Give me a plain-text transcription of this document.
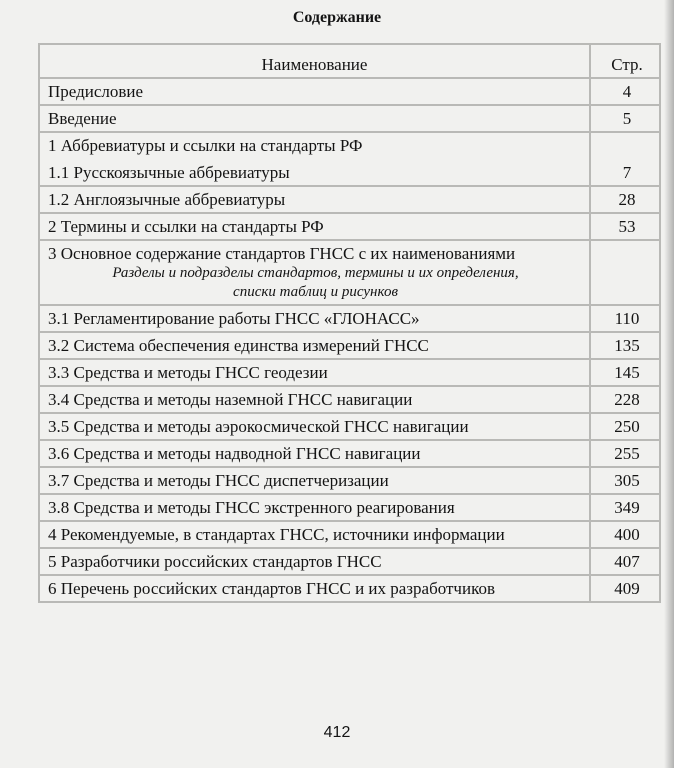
Содержание
Наименование	Стр.
Предисловие	4
Введение	5
1 Аббревиатуры и ссылки на стандарты РФ	
1.1 Русскоязычные аббревиатуры	7
1.2 Англоязычные аббревиатуры	28
2 Термины и ссылки на стандарты РФ	53
3 Основное содержание стандартов ГНСС с их наименованиями
Разделы и подразделы стандартов, термины и их определения,
списки таблиц и рисунков	

3.1 Регламентирование работы ГНСС «ГЛОНАСС»	110
3.2 Система обеспечения единства измерений ГНСС	135
3.3 Средства и методы ГНСС геодезии	145
3.4 Средства и методы наземной ГНСС навигации	228
3.5 Средства и методы аэрокосмической ГНСС навигации	250
3.6 Средства и методы надводной ГНСС навигации	255
3.7 Средства и методы ГНСС диспетчеризации	305
3.8 Средства и методы ГНСС экстренного реагирования	349
4 Рекомендуемые, в стандартах ГНСС, источники информации	400
5 Разработчики российских стандартов ГНСС	407
6 Перечень российских стандартов ГНСС и их разработчиков	409
412
